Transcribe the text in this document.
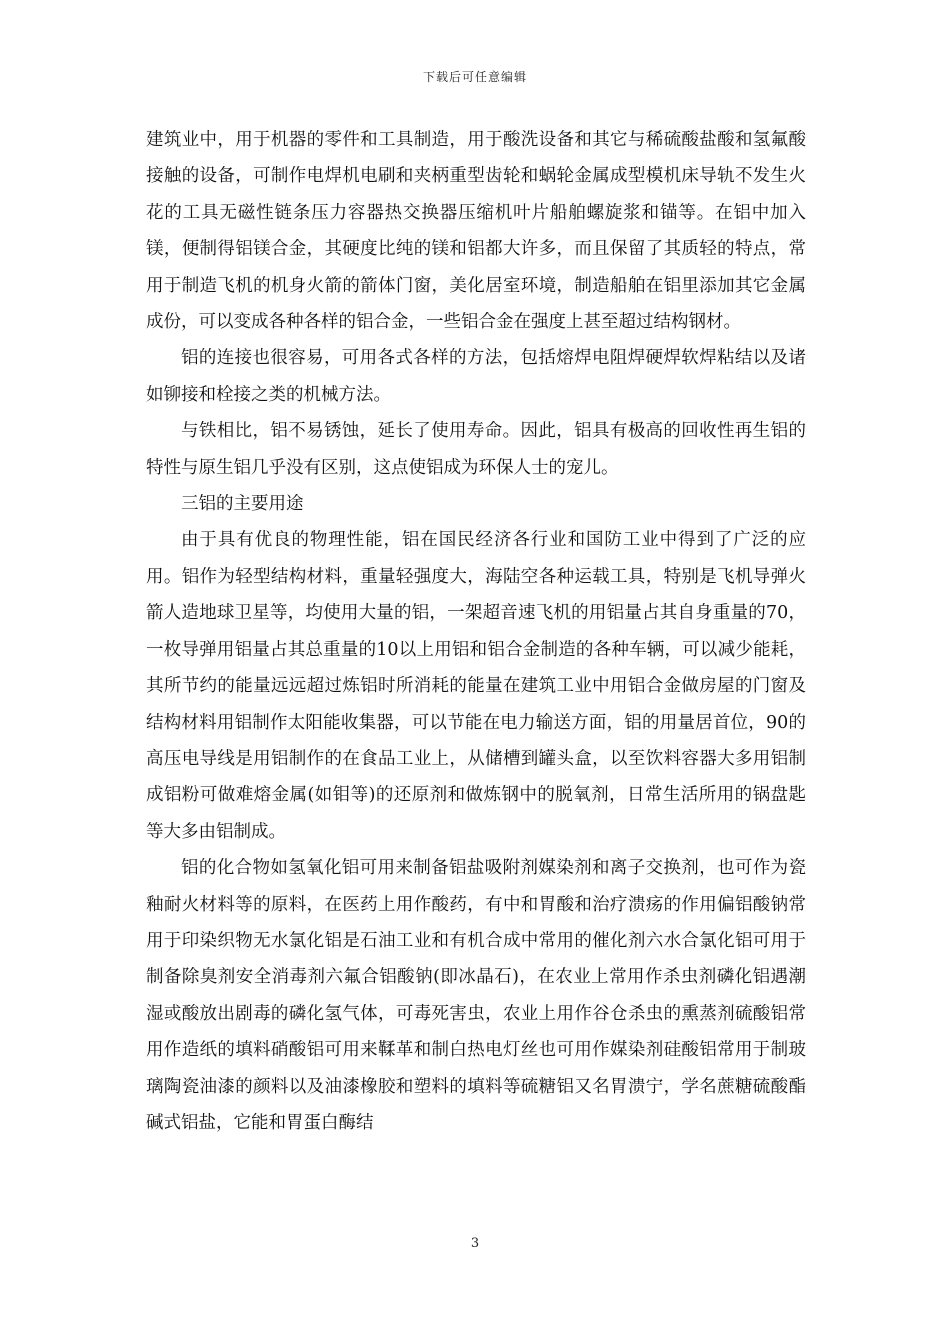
下载后可任意编辑

建筑业中，用于机器的零件和工具制造，用于酸洗设备和其它与稀硫酸盐酸和氢氟酸接触的设备，可制作电焊机电刷和夹柄重型齿轮和蜗轮金属成型模机床导轨不发生火花的工具无磁性链条压力容器热交换器压缩机叶片船舶螺旋浆和锚等。在铝中加入镁，便制得铝镁合金，其硬度比纯的镁和铝都大许多，而且保留了其质轻的特点，常用于制造飞机的机身火箭的箭体门窗，美化居室环境，制造船舶在铝里添加其它金属成份，可以变成各种各样的铝合金，一些铝合金在强度上甚至超过结构钢材。

铝的连接也很容易，可用各式各样的方法，包括熔焊电阻焊硬焊软焊粘结以及诸如铆接和栓接之类的机械方法。

与铁相比，铝不易锈蚀，延长了使用寿命。因此，铝具有极高的回收性再生铝的特性与原生铝几乎没有区别，这点使铝成为环保人士的宠儿。

三铝的主要用途

由于具有优良的物理性能，铝在国民经济各行业和国防工业中得到了广泛的应用。铝作为轻型结构材料，重量轻强度大，海陆空各种运载工具，特别是飞机导弹火箭人造地球卫星等，均使用大量的铝，一架超音速飞机的用铝量占其自身重量的70，一枚导弹用铝量占其总重量的10以上用铝和铝合金制造的各种车辆，可以减少能耗，其所节约的能量远远超过炼铝时所消耗的能量在建筑工业中用铝合金做房屋的门窗及结构材料用铝制作太阳能收集器，可以节能在电力输送方面，铝的用量居首位，90的高压电导线是用铝制作的在食品工业上，从储槽到罐头盒，以至饮料容器大多用铝制成铝粉可做难熔金属(如钼等)的还原剂和做炼钢中的脱氧剂，日常生活所用的锅盘匙等大多由铝制成。

铝的化合物如氢氧化铝可用来制备铝盐吸附剂媒染剂和离子交换剂，也可作为瓷釉耐火材料等的原料，在医药上用作酸药，有中和胃酸和治疗溃疡的作用偏铝酸钠常用于印染织物无水氯化铝是石油工业和有机合成中常用的催化剂六水合氯化铝可用于制备除臭剂安全消毒剂六氟合铝酸钠(即冰晶石)，在农业上常用作杀虫剂磷化铝遇潮湿或酸放出剧毒的磷化氢气体，可毒死害虫，农业上用作谷仓杀虫的熏蒸剂硫酸铝常用作造纸的填料硝酸铝可用来鞣革和制白热电灯丝也可用作媒染剂硅酸铝常用于制玻璃陶瓷油漆的颜料以及油漆橡胶和塑料的填料等硫糖铝又名胃溃宁，学名蔗糖硫酸酯碱式铝盐，它能和胃蛋白酶结

3
